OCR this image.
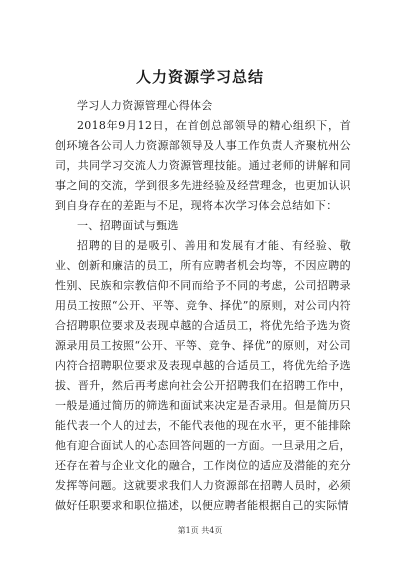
人力资源学习总结

学习人力资源管理心得体会

2018年9月12日，在首创总部领导的精心组织下，首创环境各公司人力资源部领导及人事工作负责人齐聚杭州公司，共同学习交流人力资源管理技能。通过老师的讲解和同事之间的交流，学到很多先进经验及经营理念，也更加认识到自身存在的差距与不足，现将本次学习体会总结如下：

一、招聘面试与甄选

招聘的目的是吸引、善用和发展有才能、有经验、敬业、创新和廉洁的员工，所有应聘者机会均等，不因应聘的性别、民族和宗教信仰不同而给予不同的考虑，公司招聘录用员工按照“公开、平等、竞争、择优”的原则，对公司内符合招聘职位要求及表现卓越的合适员工，将优先给予选为资源录用员工按照“公开、平等、竞争、择优”的原则，对公司内符合招聘职位要求及表现卓越的合适员工，将优先给予选拔、晋升，然后再考虑向社会公开招聘我们在招聘工作中，一般是通过简历的筛选和面试来决定是否录用。但是简历只能代表一个人的过去，不能代表他的现在水平，更不能排除他有迎合面试人的心态回答问题的一方面。一旦录用之后，还存在着与企业文化的融合，工作岗位的适应及潜能的充分发挥等问题。这就要求我们人力资源部在招聘人员时，必须做好任职要求和职位描述，以便应聘者能根据自己的实际情

第1页 共4页
